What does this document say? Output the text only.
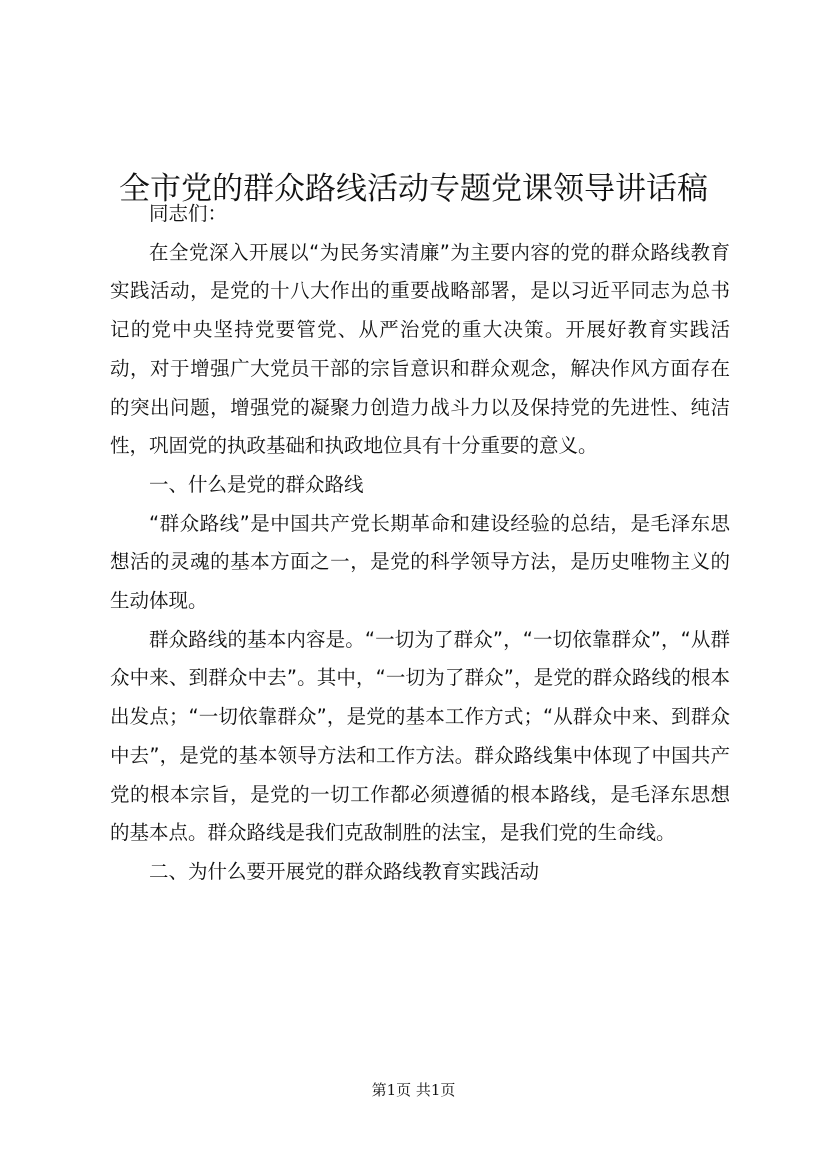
全市党的群众路线活动专题党课领导讲话稿

同志们：

在全党深入开展以“为民务实清廉”为主要内容的党的群众路线教育实践活动，是党的十八大作出的重要战略部署，是以习近平同志为总书记的党中央坚持党要管党、从严治党的重大决策。开展好教育实践活动，对于增强广大党员干部的宗旨意识和群众观念，解决作风方面存在的突出问题，增强党的凝聚力创造力战斗力以及保持党的先进性、纯洁性，巩固党的执政基础和执政地位具有十分重要的意义。

一、什么是党的群众路线

“群众路线”是中国共产党长期革命和建设经验的总结，是毛泽东思想活的灵魂的基本方面之一，是党的科学领导方法，是历史唯物主义的生动体现。

群众路线的基本内容是。“一切为了群众”，“一切依靠群众”，“从群众中来、到群众中去”。其中，“一切为了群众”，是党的群众路线的根本出发点；“一切依靠群众”，是党的基本工作方式；“从群众中来、到群众中去”，是党的基本领导方法和工作方法。群众路线集中体现了中国共产党的根本宗旨，是党的一切工作都必须遵循的根本路线，是毛泽东思想的基本点。群众路线是我们克敌制胜的法宝，是我们党的生命线。

二、为什么要开展党的群众路线教育实践活动

第1页 共1页
